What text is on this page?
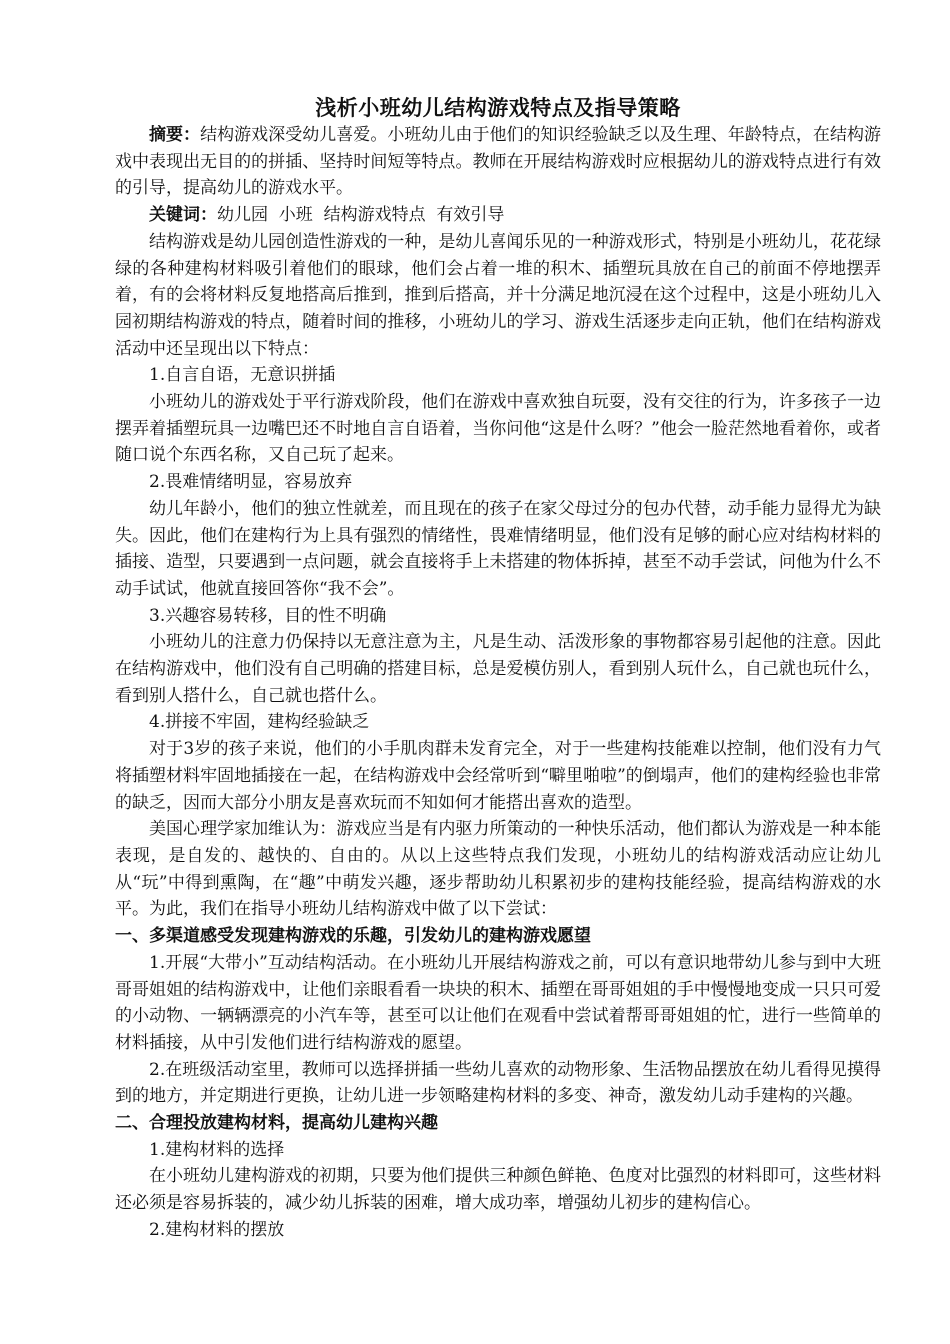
浅析小班幼儿结构游戏特点及指导策略

摘要：结构游戏深受幼儿喜爱。小班幼儿由于他们的知识经验缺乏以及生理、年龄特点，在结构游戏中表现出无目的的拼插、坚持时间短等特点。教师在开展结构游戏时应根据幼儿的游戏特点进行有效的引导，提高幼儿的游戏水平。

关键词：幼儿园  小班  结构游戏特点  有效引导

结构游戏是幼儿园创造性游戏的一种，是幼儿喜闻乐见的一种游戏形式，特别是小班幼儿，花花绿绿的各种建构材料吸引着他们的眼球，他们会占着一堆的积木、插塑玩具放在自己的前面不停地摆弄着，有的会将材料反复地搭高后推到，推到后搭高，并十分满足地沉浸在这个过程中，这是小班幼儿入园初期结构游戏的特点，随着时间的推移，小班幼儿的学习、游戏生活逐步走向正轨，他们在结构游戏活动中还呈现出以下特点：

1.自言自语，无意识拼插

小班幼儿的游戏处于平行游戏阶段，他们在游戏中喜欢独自玩耍，没有交往的行为，许多孩子一边摆弄着插塑玩具一边嘴巴还不时地自言自语着，当你问他“这是什么呀？”他会一脸茫然地看着你，或者随口说个东西名称，又自己玩了起来。

2.畏难情绪明显，容易放弃

幼儿年龄小，他们的独立性就差，而且现在的孩子在家父母过分的包办代替，动手能力显得尤为缺失。因此，他们在建构行为上具有强烈的情绪性，畏难情绪明显，他们没有足够的耐心应对结构材料的插接、造型，只要遇到一点问题，就会直接将手上未搭建的物体拆掉，甚至不动手尝试，问他为什么不动手试试，他就直接回答你“我不会”。

3.兴趣容易转移，目的性不明确

小班幼儿的注意力仍保持以无意注意为主，凡是生动、活泼形象的事物都容易引起他的注意。因此在结构游戏中，他们没有自己明确的搭建目标，总是爱模仿别人，看到别人玩什么，自己就也玩什么，看到别人搭什么，自己就也搭什么。

4.拼接不牢固，建构经验缺乏

对于3岁的孩子来说，他们的小手肌肉群未发育完全，对于一些建构技能难以控制，他们没有力气将插塑材料牢固地插接在一起，在结构游戏中会经常听到“噼里啪啦”的倒塌声，他们的建构经验也非常的缺乏，因而大部分小朋友是喜欢玩而不知如何才能搭出喜欢的造型。

美国心理学家加维认为：游戏应当是有内驱力所策动的一种快乐活动，他们都认为游戏是一种本能表现，是自发的、越快的、自由的。从以上这些特点我们发现，小班幼儿的结构游戏活动应让幼儿从“玩”中得到熏陶，在“趣”中萌发兴趣，逐步帮助幼儿积累初步的建构技能经验，提高结构游戏的水平。为此，我们在指导小班幼儿结构游戏中做了以下尝试：

一、多渠道感受发现建构游戏的乐趣，引发幼儿的建构游戏愿望

1.开展“大带小”互动结构活动。在小班幼儿开展结构游戏之前，可以有意识地带幼儿参与到中大班哥哥姐姐的结构游戏中，让他们亲眼看看一块块的积木、插塑在哥哥姐姐的手中慢慢地变成一只只可爱的小动物、一辆辆漂亮的小汽车等，甚至可以让他们在观看中尝试着帮哥哥姐姐的忙，进行一些简单的材料插接，从中引发他们进行结构游戏的愿望。

2.在班级活动室里，教师可以选择拼插一些幼儿喜欢的动物形象、生活物品摆放在幼儿看得见摸得到的地方，并定期进行更换，让幼儿进一步领略建构材料的多变、神奇，激发幼儿动手建构的兴趣。

二、合理投放建构材料，提高幼儿建构兴趣

1.建构材料的选择

在小班幼儿建构游戏的初期，只要为他们提供三种颜色鲜艳、色度对比强烈的材料即可，这些材料还必须是容易拆装的，减少幼儿拆装的困难，增大成功率，增强幼儿初步的建构信心。

2.建构材料的摆放
